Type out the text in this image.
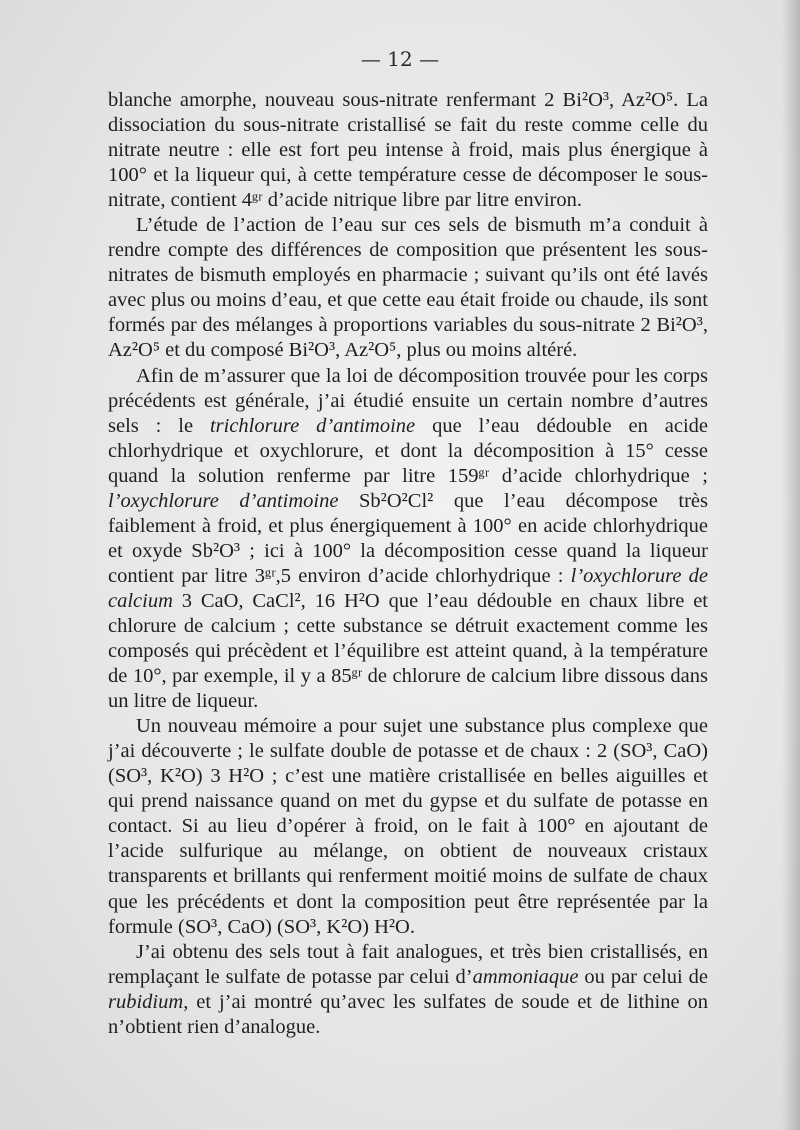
— 12 —

blanche amorphe, nouveau sous-nitrate renfermant 2 Bi²O³, Az²O⁵. La dissociation du sous-nitrate cristallisé se fait du reste comme celle du nitrate neutre : elle est fort peu intense à froid, mais plus énergique à 100° et la liqueur qui, à cette température cesse de décomposer le sous-nitrate, contient 4ᵍʳ d’acide nitrique libre par litre environ.

L’étude de l’action de l’eau sur ces sels de bismuth m’a conduit à rendre compte des différences de composition que présentent les sous-nitrates de bismuth employés en pharmacie ; suivant qu’ils ont été lavés avec plus ou moins d’eau, et que cette eau était froide ou chaude, ils sont formés par des mélanges à proportions variables du sous-nitrate 2 Bi²O³, Az²O⁵ et du composé Bi²O³, Az²O⁵, plus ou moins altéré.

Afin de m’assurer que la loi de décomposition trouvée pour les corps précédents est générale, j’ai étudié ensuite un certain nombre d’autres sels : le trichlorure d’antimoine que l’eau dédouble en acide chlorhydrique et oxychlorure, et dont la décomposition à 15° cesse quand la solution renferme par litre 159ᵍʳ d’acide chlorhydrique ; l’oxychlorure d’antimoine Sb²O²Cl² que l’eau décompose très faiblement à froid, et plus énergiquement à 100° en acide chlorhydrique et oxyde Sb²O³ ; ici à 100° la décomposition cesse quand la liqueur contient par litre 3ᵍʳ,5 environ d’acide chlorhydrique : l’oxychlorure de calcium 3 CaO, CaCl², 16 H²O que l’eau dédouble en chaux libre et chlorure de calcium ; cette substance se détruit exactement comme les composés qui précèdent et l’équilibre est atteint quand, à la température de 10°, par exemple, il y a 85ᵍʳ de chlorure de calcium libre dissous dans un litre de liqueur.

Un nouveau mémoire a pour sujet une substance plus complexe que j’ai découverte ; le sulfate double de potasse et de chaux : 2 (SO³, CaO) (SO³, K²O) 3 H²O ; c’est une matière cristallisée en belles aiguilles et qui prend naissance quand on met du gypse et du sulfate de potasse en contact. Si au lieu d’opérer à froid, on le fait à 100° en ajoutant de l’acide sulfurique au mélange, on obtient de nouveaux cristaux transparents et brillants qui renferment moitié moins de sulfate de chaux que les précédents et dont la composition peut être représentée par la formule (SO³, CaO) (SO³, K²O) H²O.

J’ai obtenu des sels tout à fait analogues, et très bien cristallisés, en remplaçant le sulfate de potasse par celui d’ammoniaque ou par celui de rubidium, et j’ai montré qu’avec les sulfates de soude et de lithine on n’obtient rien d’analogue.
